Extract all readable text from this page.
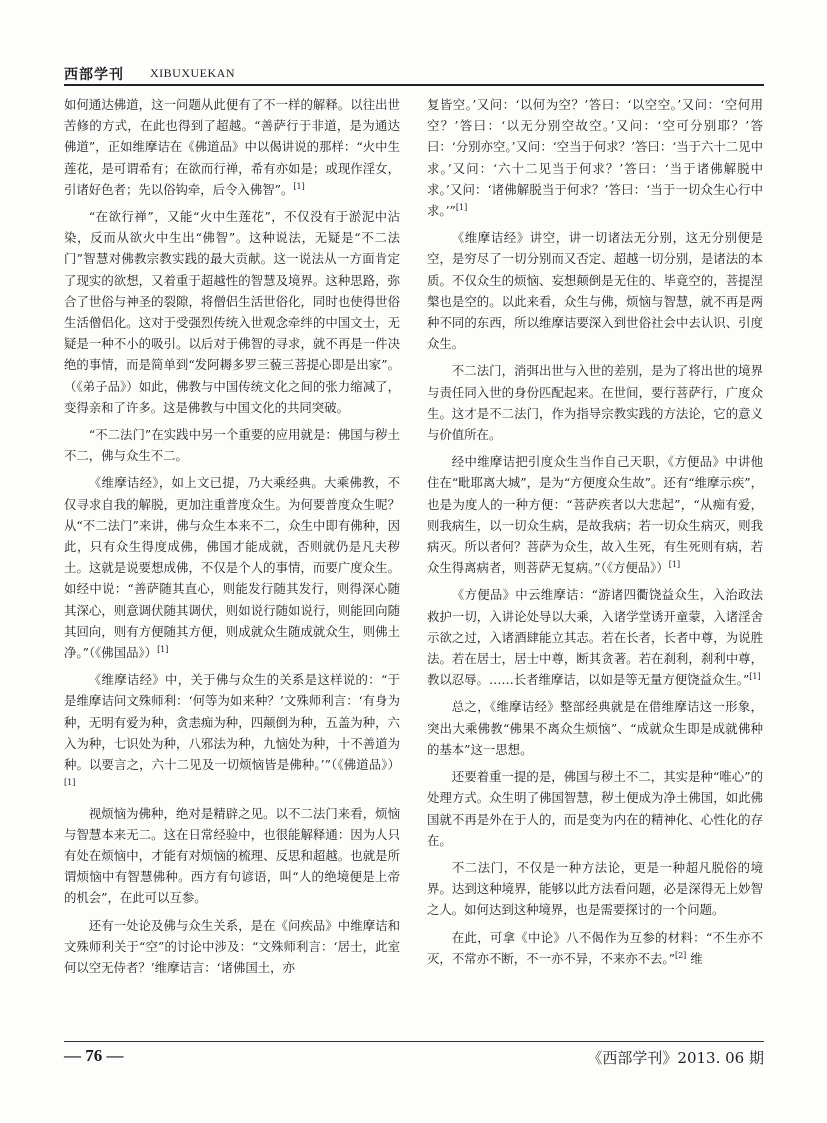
西部学刊 XIBUXUEKAN

如何通达佛道，这一问题从此便有了不一样的解释。以往出世苦修的方式，在此也得到了超越。“善萨行于非道，是为通达佛道”，正如维摩诘在《佛道品》中以偈讲说的那样：“火中生莲花，是可谓希有；在欲而行禅，希有亦如是；或现作淫女，引诸好色者；先以俗钩牵，后令入佛智”。[1]

“在欲行禅”，又能“火中生莲花”，不仅没有于淤泥中沾染，反而从欲火中生出“佛智”。这种说法，无疑是“不二法门”智慧对佛教宗教实践的最大贡献。这一说法从一方面肯定了现实的欲想，又着重于超越性的智慧及境界。这种思路，弥合了世俗与神圣的裂隙，将僧侣生活世俗化，同时也使得世俗生活僧侣化。这对于受强烈传统入世观念牵绊的中国文士，无疑是一种不小的吸引。以后对于佛智的寻求，就不再是一件决绝的事情，而是简单到“发阿耨多罗三藐三菩提心即是出家”。（《弟子品》）如此，佛教与中国传统文化之间的张力缩减了，变得亲和了许多。这是佛教与中国文化的共同突破。

“不二法门”在实践中另一个重要的应用就是：佛国与秽土不二，佛与众生不二。

《维摩诘经》，如上文已提，乃大乘经典。大乘佛教，不仅寻求自我的解脱，更加注重普度众生。为何要普度众生呢？从“不二法门”来讲，佛与众生本来不二，众生中即有佛种，因此，只有众生得度成佛，佛国才能成就，否则就仍是凡夫秽土。这就是说要想成佛，不仅是个人的事情，而要广度众生。如经中说：“善萨随其直心，则能发行随其发行，则得深心随其深心，则意调伏随其调伏，则如说行随如说行，则能回向随其回向，则有方便随其方便，则成就众生随成就众生，则佛土净。”（《佛国品》）[1]

《维摩诘经》中，关于佛与众生的关系是这样说的：“于是维摩诘问文殊师利：‘何等为如来种？’文殊师利言：‘有身为种，无明有爱为种，贪恚痴为种，四颠倒为种，五盖为种，六入为种，七识处为种，八邪法为种，九恼处为种，十不善道为种。以要言之，六十二见及一切烦恼皆是佛种。’”（《佛道品》）[1]

视烦恼为佛种，绝对是精辟之见。以不二法门来看，烦恼与智慧本来无二。这在日常经验中，也很能解释通：因为人只有处在烦恼中，才能有对烦恼的梳理、反思和超越。也就是所谓烦恼中有智慧佛种。西方有句谚语，叫“人的绝境便是上帝的机会”，在此可以互参。

还有一处论及佛与众生关系，是在《问疾品》中维摩诘和文殊师利关于“空”的讨论中涉及：“文殊师利言：‘居士，此室何以空无侍者？’维摩诘言：‘诸佛国土，亦

复皆空。’又问：‘以何为空？’答曰：‘以空空。’又问：‘空何用空？’答曰：‘以无分别空故空。’又问：‘空可分别耶？’答曰：‘分别亦空。’又问：‘空当于何求？’答曰：‘当于六十二见中求。’又问：‘六十二见当于何求？’答曰：‘当于诸佛解脱中求。’又问：‘诸佛解脱当于何求？’答曰：‘当于一切众生心行中求。’”[1]

《维摩诘经》讲空，讲一切诸法无分别，这无分别便是空，是穷尽了一切分别而又否定、超越一切分别，是诸法的本质。不仅众生的烦恼、妄想颠倒是无住的、毕竟空的，菩提涅槃也是空的。以此来看，众生与佛，烦恼与智慧，就不再是两种不同的东西，所以维摩诘要深入到世俗社会中去认识、引度众生。

不二法门，消弭出世与入世的差别，是为了将出世的境界与责任同入世的身份匹配起来。在世间，要行菩萨行，广度众生。这才是不二法门，作为指导宗教实践的方法论，它的意义与价值所在。

经中维摩诘把引度众生当作自己天职，《方便品》中讲他住在“毗耶离大城”，是为“方便度众生故”。还有“维摩示疾”，也是为度人的一种方便：“菩萨疾者以大悲起”，“从痴有爱，则我病生，以一切众生病，是故我病；若一切众生病灭，则我病灭。所以者何？菩萨为众生，故入生死，有生死则有病，若众生得离病者，则菩萨无复病。”（《方便品》）[1]

《方便品》中云维摩诘：“游诸四衢饶益众生，入治政法救护一切，入讲论处导以大乘，入诸学堂诱开童蒙，入诸淫舍示欲之过，入诸酒肆能立其志。若在长者，长者中尊，为说胜法。若在居士，居士中尊，断其贪著。若在刹利，刹利中尊，教以忍辱。……长者维摩诘，以如是等无量方便饶益众生。”[1]

总之，《维摩诘经》整部经典就是在借维摩诘这一形象，突出大乘佛教“佛果不离众生烦恼”、“成就众生即是成就佛种的基本”这一思想。

还要着重一提的是，佛国与秽土不二，其实是种“唯心”的处理方式。众生明了佛国智慧，秽土便成为净土佛国，如此佛国就不再是外在于人的，而是变为内在的精神化、心性化的存在。

不二法门，不仅是一种方法论，更是一种超凡脱俗的境界。达到这种境界，能够以此方法看问题，必是深得无上妙智之人。如何达到这种境界，也是需要探讨的一个问题。

在此，可拿《中论》八不偈作为互参的材料：“不生亦不灭，不常亦不断，不一亦不异，不来亦不去。”[2] 维

— 76 —	《西部学刊》2013. 06 期
